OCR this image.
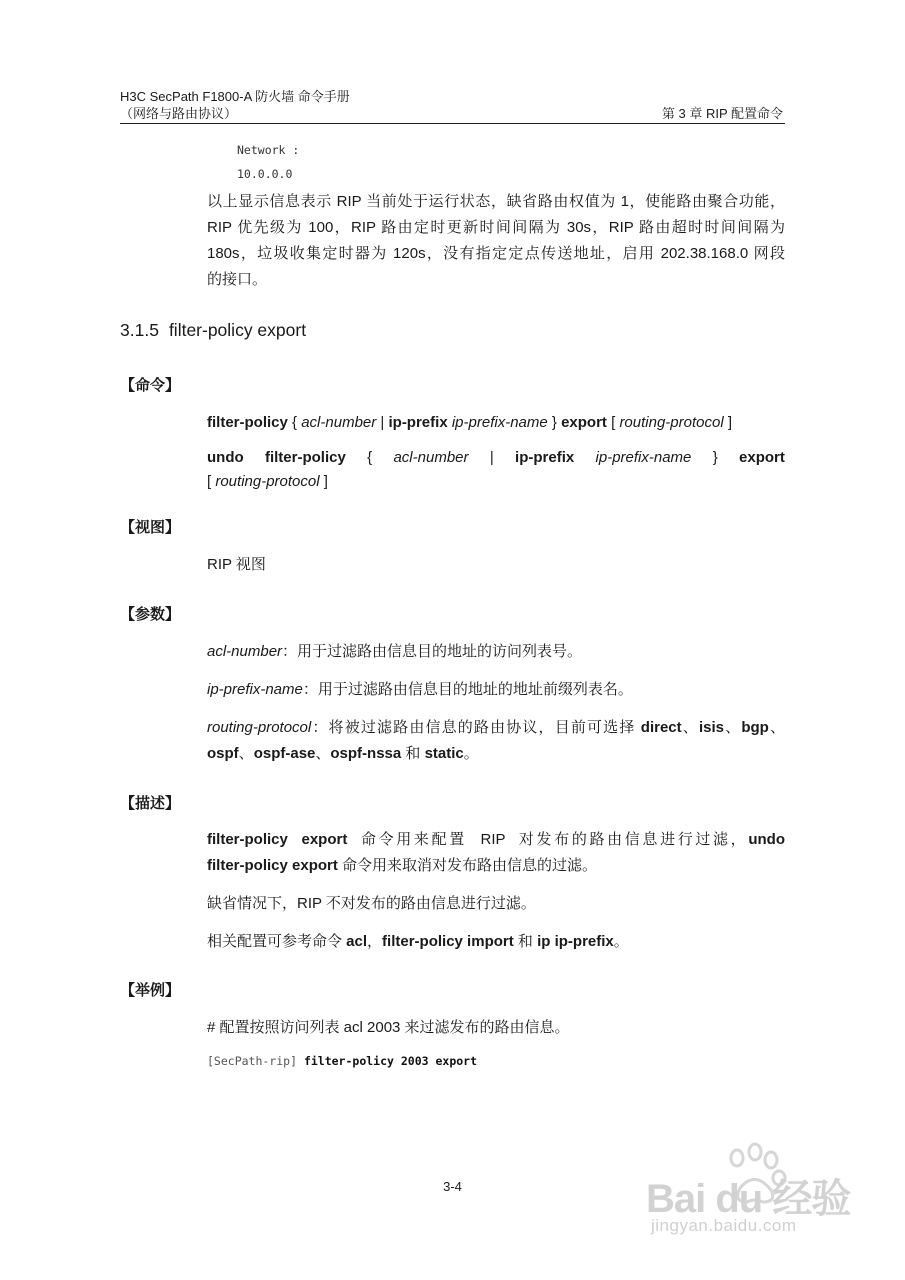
H3C SecPath F1800-A 防火墙 命令手册
（网络与路由协议）	第 3 章 RIP 配置命令
Network :
10.0.0.0
以上显示信息表示 RIP 当前处于运行状态，缺省路由权值为 1，使能路由聚合功能，
RIP 优先级为 100，RIP 路由定时更新时间间隔为 30s，RIP 路由超时时间间隔为
180s，垃圾收集定时器为 120s，没有指定定点传送地址，启用 202.38.168.0 网段
的接口。
3.1.5 filter-policy export
【命令】
filter-policy { acl-number | ip-prefix ip-prefix-name } export [ routing-protocol ]
undo filter-policy { acl-number | ip-prefix ip-prefix-name } export
[ routing-protocol ]
【视图】
RIP 视图
【参数】
acl-number：用于过滤路由信息目的地址的访问列表号。
ip-prefix-name：用于过滤路由信息目的地址的地址前缀列表名。
routing-protocol：将被过滤路由信息的路由协议，目前可选择 direct、isis、bgp、
ospf、ospf-ase、ospf-nssa 和 static。
【描述】
filter-policy  export  命令用来配置  RIP  对发布的路由信息进行过滤，undo
filter-policy export 命令用来取消对发布路由信息的过滤。
缺省情况下，RIP 不对发布的路由信息进行过滤。
相关配置可参考命令 acl，filter-policy import 和 ip ip-prefix。
【举例】
# 配置按照访问列表 acl 2003 来过滤发布的路由信息。
[SecPath-rip] filter-policy 2003 export
3-4	Bai du 经验
jingyan.baidu.com
